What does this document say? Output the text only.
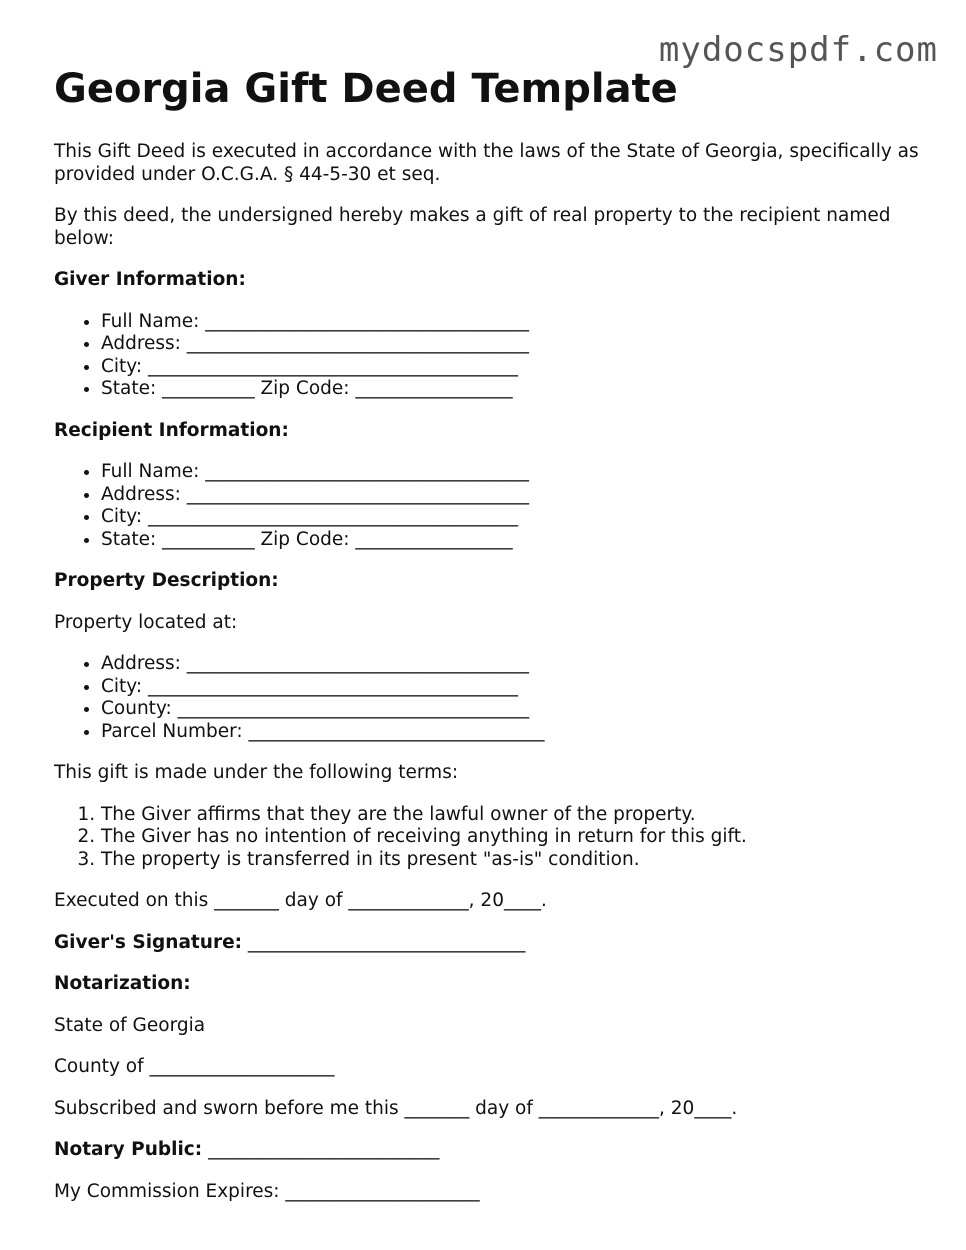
mydocspdf.com
Georgia Gift Deed Template

This Gift Deed is executed in accordance with the laws of the State of Georgia, specifically as provided under O.C.G.A. § 44-5-30 et seq.

By this deed, the undersigned hereby makes a gift of real property to the recipient named below:

Giver Information:

• Full Name: ___________________________________
• Address: _____________________________________
• City: ________________________________________
• State: __________ Zip Code: _________________

Recipient Information:

• Full Name: ___________________________________
• Address: _____________________________________
• City: ________________________________________
• State: __________ Zip Code: _________________

Property Description:

Property located at:

• Address: _____________________________________
• City: ________________________________________
• County: ______________________________________
• Parcel Number: ________________________________

This gift is made under the following terms:

1. The Giver affirms that they are the lawful owner of the property.
2. The Giver has no intention of receiving anything in return for this gift.
3. The property is transferred in its present "as-is" condition.

Executed on this _______ day of _____________, 20____.

Giver's Signature: ______________________________

Notarization:

State of Georgia

County of ____________________

Subscribed and sworn before me this _______ day of _____________, 20____.

Notary Public: _________________________

My Commission Expires: _____________________
